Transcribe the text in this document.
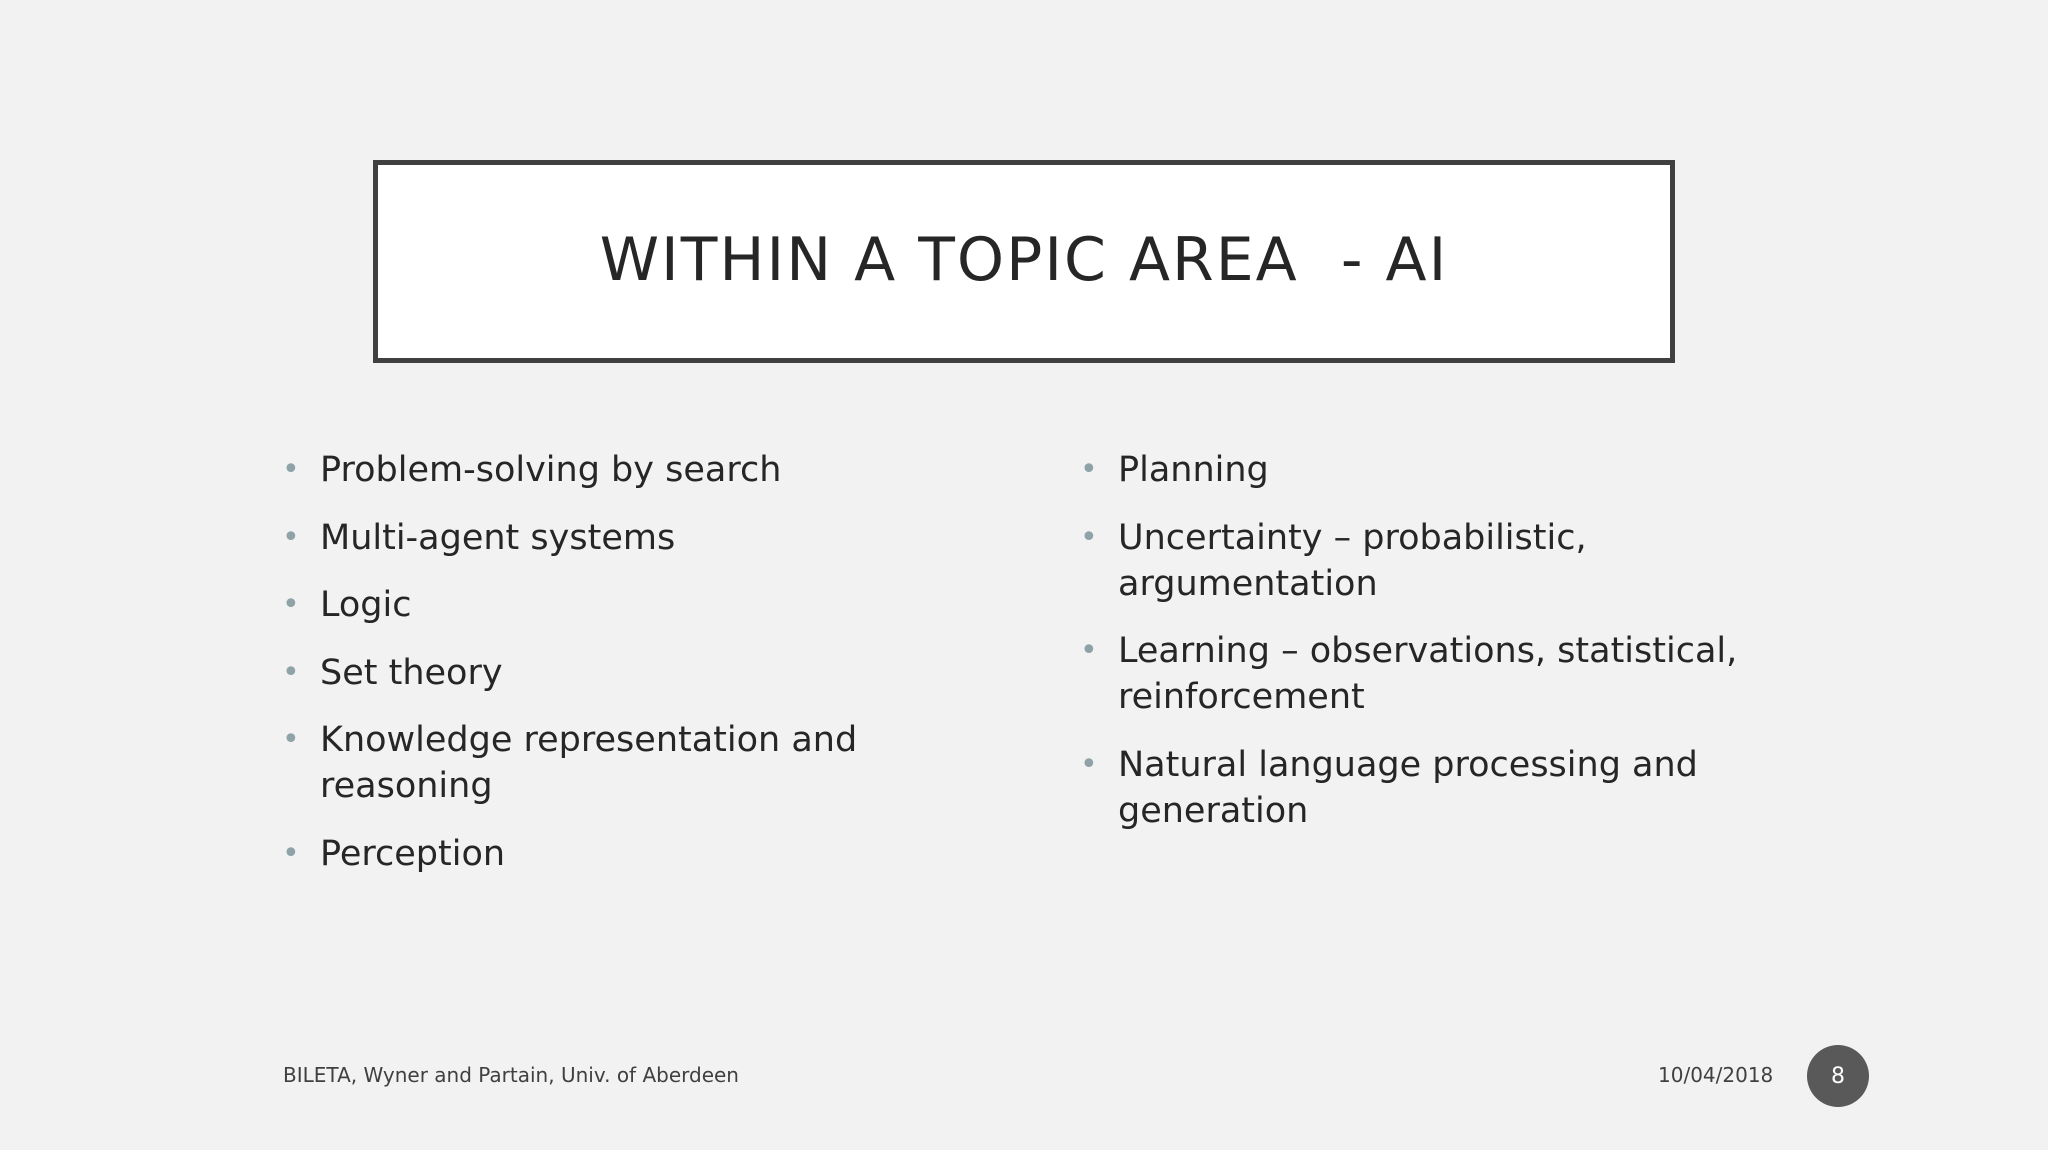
WITHIN A TOPIC AREA  - AI
• Problem-solving by search
• Multi-agent systems
• Logic
• Set theory
• Knowledge representation and reasoning
• Perception
• Planning
• Uncertainty – probabilistic, argumentation
• Learning – observations, statistical, reinforcement
• Natural language processing and generation
BILETA, Wyner and Partain, Univ. of Aberdeen	10/04/2018	8
